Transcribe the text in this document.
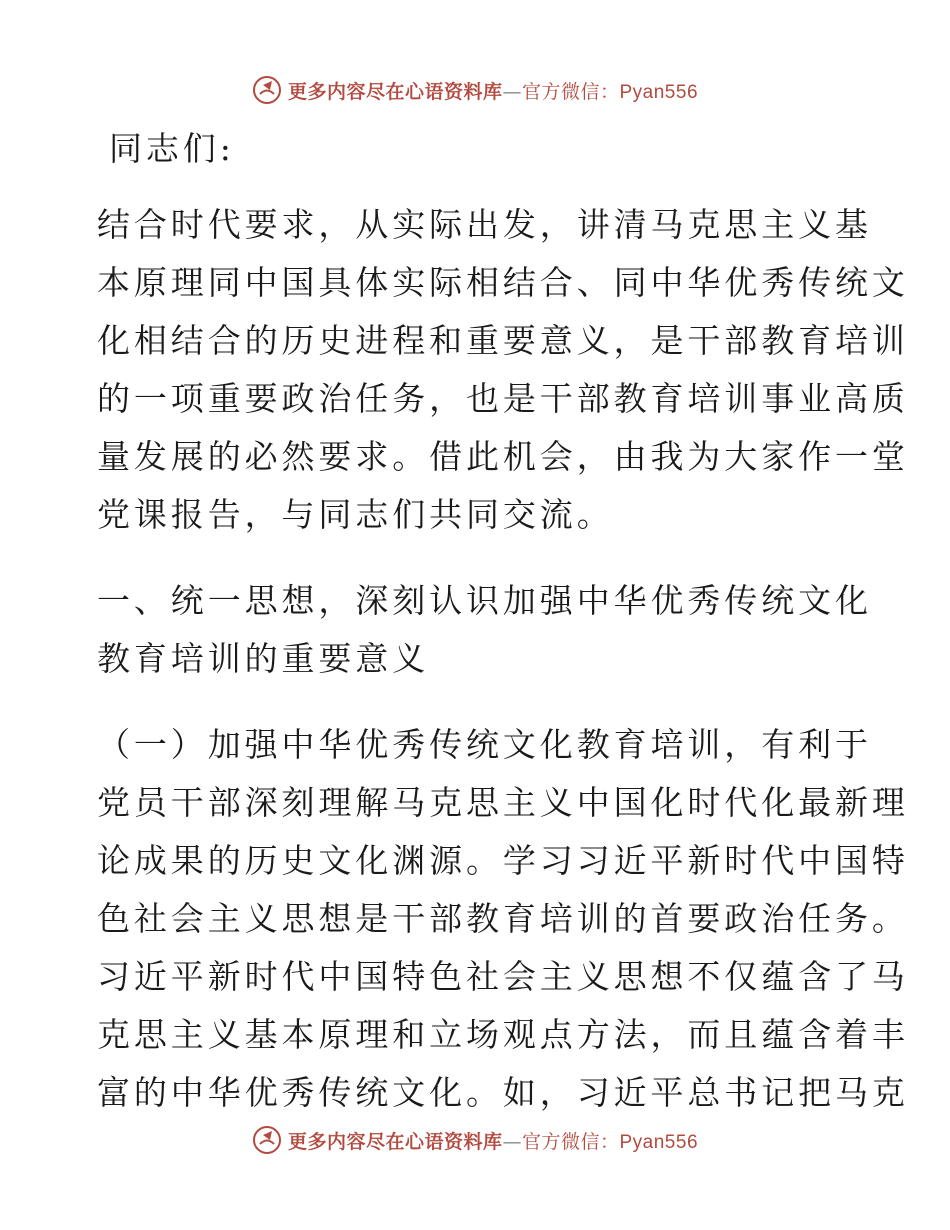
更多内容尽在心语资料库—官方微信：Pyan556

同志们:

结合时代要求，从实际出发，讲清马克思主义基
本原理同中国具体实际相结合、同中华优秀传统文
化相结合的历史进程和重要意义，是干部教育培训
的一项重要政治任务，也是干部教育培训事业高质
量发展的必然要求。借此机会，由我为大家作一堂
党课报告，与同志们共同交流。

一、统一思想，深刻认识加强中华优秀传统文化
教育培训的重要意义

（一）加强中华优秀传统文化教育培训，有利于
党员干部深刻理解马克思主义中国化时代化最新理
论成果的历史文化渊源。学习习近平新时代中国特
色社会主义思想是干部教育培训的首要政治任务。
习近平新时代中国特色社会主义思想不仅蕴含了马
克思主义基本原理和立场观点方法，而且蕴含着丰
富的中华优秀传统文化。如，习近平总书记把马克

更多内容尽在心语资料库—官方微信：Pyan556
